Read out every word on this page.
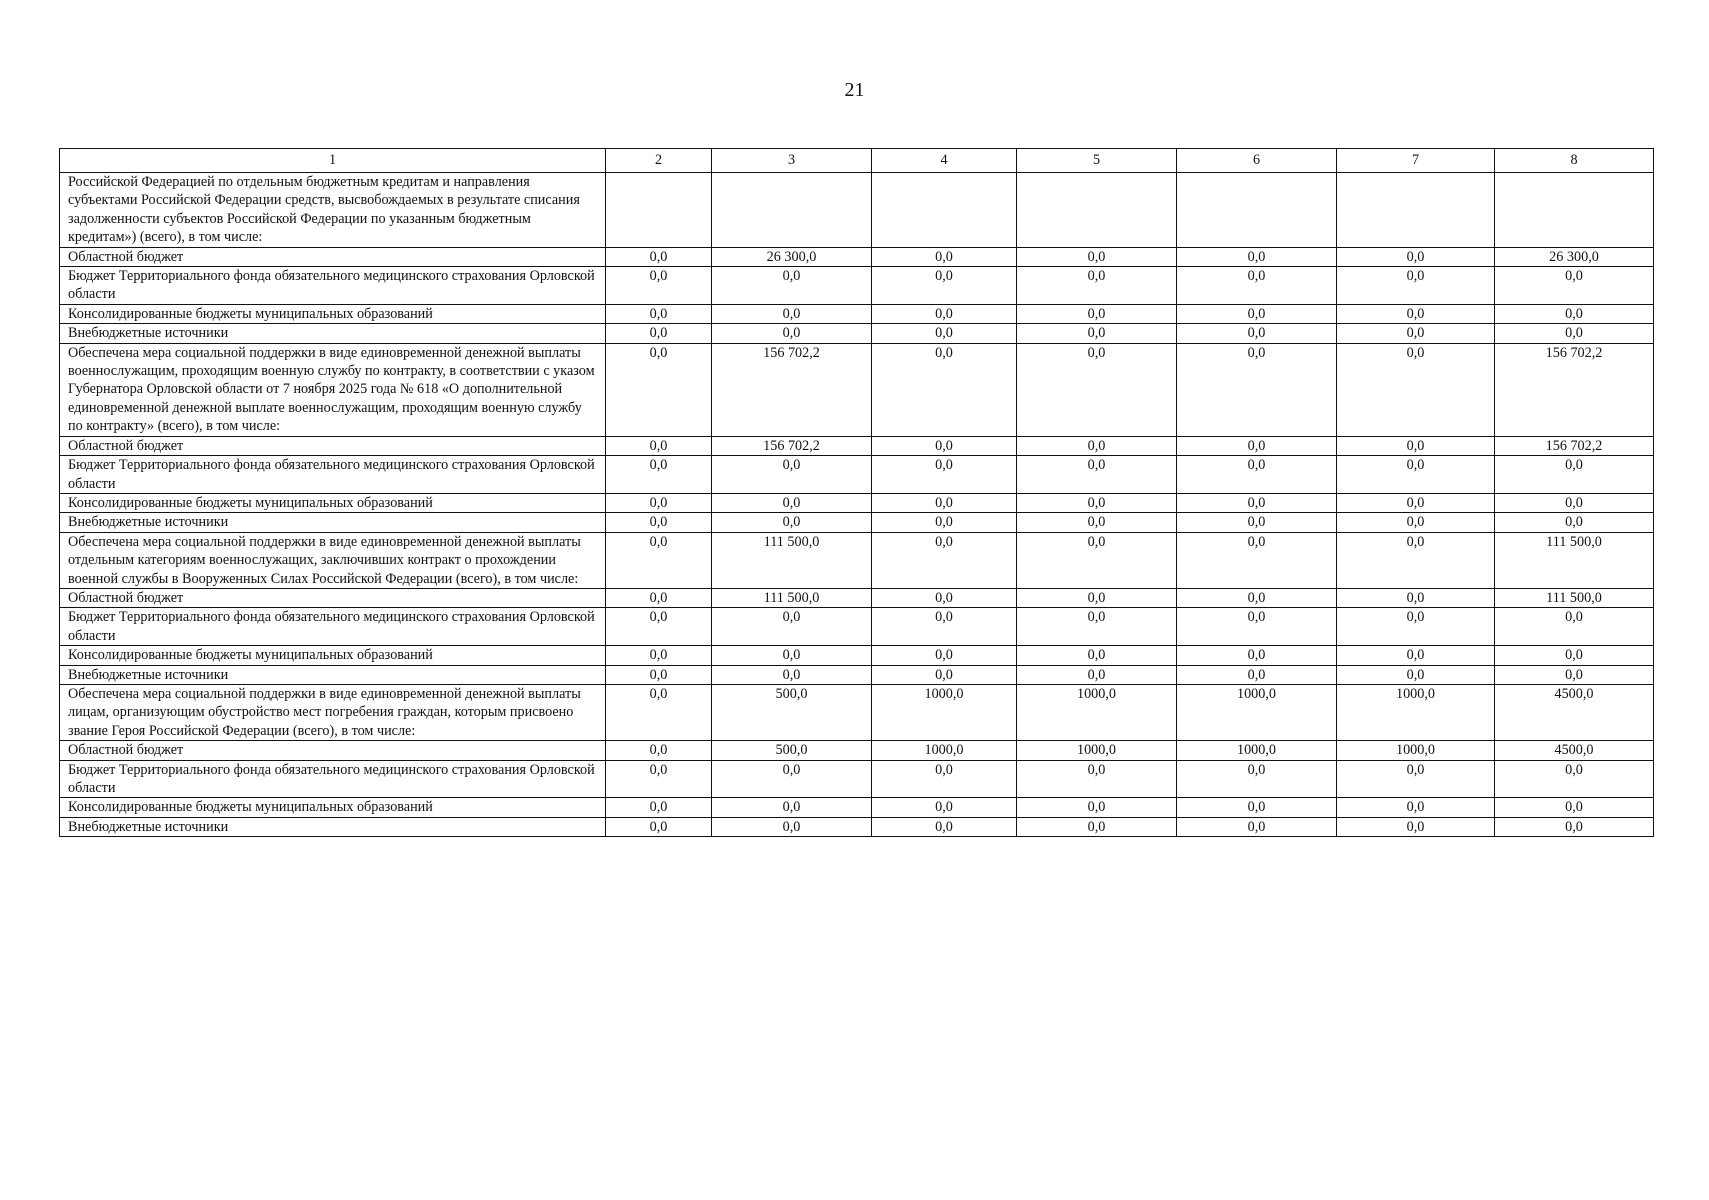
21
1	2	3	4	5	6	7	8
Российской Федерацией по отдельным бюджетным кредитам и направления субъектами Российской Федерации средств, высвобождаемых в результате списания задолженности субъектов Российской Федерации по указанным бюджетным кредитам») (всего), в том числе:							
Областной бюджет	0,0	26 300,0	0,0	0,0	0,0	0,0	26 300,0
Бюджет Территориального фонда обязательного медицинского страхования Орловской области	0,0	0,0	0,0	0,0	0,0	0,0	0,0
Консолидированные бюджеты муниципальных образований	0,0	0,0	0,0	0,0	0,0	0,0	0,0
Внебюджетные источники	0,0	0,0	0,0	0,0	0,0	0,0	0,0
Обеспечена мера социальной поддержки в виде единовременной денежной выплаты военнослужащим, проходящим военную службу по контракту, в соответствии с указом Губернатора Орловской области от 7 ноября 2025 года № 618 «О дополнительной единовременной денежной выплате военнослужащим, проходящим военную службу по контракту» (всего), в том числе:	0,0	156 702,2	0,0	0,0	0,0	0,0	156 702,2
Областной бюджет	0,0	156 702,2	0,0	0,0	0,0	0,0	156 702,2
Бюджет Территориального фонда обязательного медицинского страхования Орловской области	0,0	0,0	0,0	0,0	0,0	0,0	0,0
Консолидированные бюджеты муниципальных образований	0,0	0,0	0,0	0,0	0,0	0,0	0,0
Внебюджетные источники	0,0	0,0	0,0	0,0	0,0	0,0	0,0
Обеспечена мера социальной поддержки в виде единовременной денежной выплаты отдельным категориям военнослужащих, заключивших контракт о прохождении военной службы в Вооруженных Силах Российской Федерации (всего), в том числе:	0,0	111 500,0	0,0	0,0	0,0	0,0	111 500,0
Областной бюджет	0,0	111 500,0	0,0	0,0	0,0	0,0	111 500,0
Бюджет Территориального фонда обязательного медицинского страхования Орловской области	0,0	0,0	0,0	0,0	0,0	0,0	0,0
Консолидированные бюджеты муниципальных образований	0,0	0,0	0,0	0,0	0,0	0,0	0,0
Внебюджетные источники	0,0	0,0	0,0	0,0	0,0	0,0	0,0
Обеспечена мера социальной поддержки в виде единовременной денежной выплаты лицам, организующим обустройство мест погребения граждан, которым присвоено звание Героя Российской Федерации (всего), в том числе:	0,0	500,0	1000,0	1000,0	1000,0	1000,0	4500,0
Областной бюджет	0,0	500,0	1000,0	1000,0	1000,0	1000,0	4500,0
Бюджет Территориального фонда обязательного медицинского страхования Орловской области	0,0	0,0	0,0	0,0	0,0	0,0	0,0
Консолидированные бюджеты муниципальных образований	0,0	0,0	0,0	0,0	0,0	0,0	0,0
Внебюджетные источники	0,0	0,0	0,0	0,0	0,0	0,0	0,0
